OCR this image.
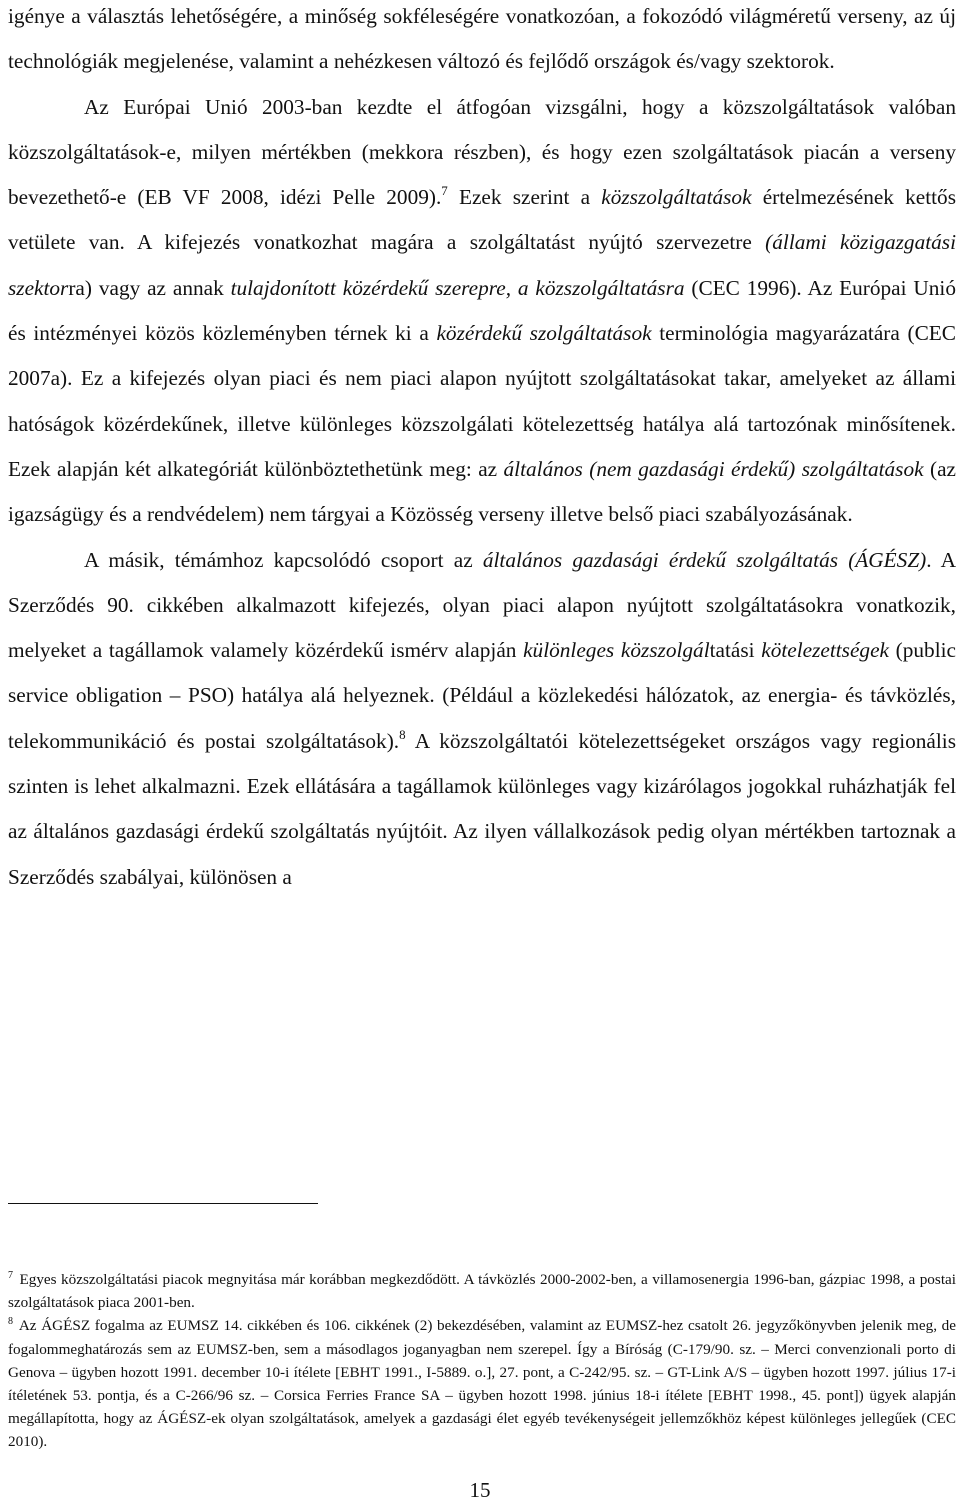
igénye a választás lehetőségére, a minőség sokféleségére vonatkozóan, a fokozódó világméretű verseny, az új technológiák megjelenése, valamint a nehézkesen változó és fejlődő országok és/vagy szektorok.

Az Európai Unió 2003-ban kezdte el átfogóan vizsgálni, hogy a közszolgáltatások valóban közszolgáltatások-e, milyen mértékben (mekkora részben), és hogy ezen szolgáltatások piacán a verseny bevezethető-e (EB VF 2008, idézi Pelle 2009).$^7$ Ezek szerint a közszolgáltatások értelmezésének kettős vetülete van. A kifejezés vonatkozhat magára a szolgáltatást nyújtó szervezetre (állami közigazgatási szektorra) vagy az annak tulajdonított közérdekű szerepre, a közszolgáltatásra (CEC 1996). Az Európai Unió és intézményei közös közleményben térnek ki a közérdekű szolgáltatások terminológia magyarázatára (CEC 2007a). Ez a kifejezés olyan piaci és nem piaci alapon nyújtott szolgáltatásokat takar, amelyeket az állami hatóságok közérdekűnek, illetve különleges közszolgálati kötelezettség hatálya alá tartozónak minősítenek. Ezek alapján két alkategóriát különböztethetünk meg: az általános (nem gazdasági érdekű) szolgáltatások (az igazságügy és a rendvédelem) nem tárgyai a Közösség verseny illetve belső piaci szabályozásának.

A másik, témámhoz kapcsolódó csoport az általános gazdasági érdekű szolgáltatás (ÁGÉSZ). A Szerződés 90. cikkében alkalmazott kifejezés, olyan piaci alapon nyújtott szolgáltatásokra vonatkozik, melyeket a tagállamok valamely közérdekű ismérv alapján különleges közszolgáltatási kötelezettségek (public service obligation – PSO) hatálya alá helyeznek. (Például a közlekedési hálózatok, az energia- és távközlés, telekommunikáció és postai szolgáltatások).$^8$ A közszolgáltatói kötelezettségeket országos vagy regionális szinten is lehet alkalmazni. Ezek ellátására a tagállamok különleges vagy kizárólagos jogokkal ruházhatják fel az általános gazdasági érdekű szolgáltatás nyújtóit. Az ilyen vállalkozások pedig olyan mértékben tartoznak a Szerződés szabályai, különösen a

$^7$ Egyes közszolgáltatási piacok megnyitása már korábban megkezdődött. A távközlés 2000-2002-ben, a villamosenergia 1996-ban, gázpiac 1998, a postai szolgáltatások piaca 2001-ben.

$^8$ Az ÁGÉSZ fogalma az EUMSZ 14. cikkében és 106. cikkének (2) bekezdésében, valamint az EUMSZ-hez csatolt 26. jegyzőkönyvben jelenik meg, de fogalommeghatározás sem az EUMSZ-ben, sem a másodlagos joganyagban nem szerepel. Így a Bíróság (C-179/90. sz. – Merci convenzionali porto di Genova – ügyben hozott 1991. december 10-i ítélete [EBHT 1991., I-5889. o.], 27. pont, a C-242/95. sz. – GT-Link A/S – ügyben hozott 1997. július 17-i ítéletének 53. pontja, és a C-266/96 sz. – Corsica Ferries France SA – ügyben hozott 1998. június 18-i ítélete [EBHT 1998., 45. pont]) ügyek alapján megállapította, hogy az ÁGÉSZ-ek olyan szolgáltatások, amelyek a gazdasági élet egyéb tevékenységeit jellemzőkhöz képest különleges jellegűek (CEC 2010).

15
